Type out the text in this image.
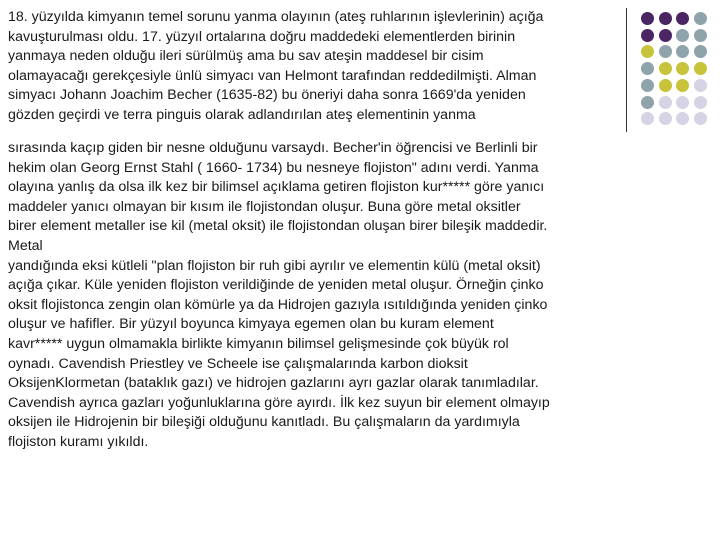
18. yüzyılda kimyanın temel sorunu yanma olayının (ateş ruhlarının işlevlerinin) açığa
kavuşturulması oldu. 17. yüzyıl ortalarına doğru maddedeki elementlerden birinin
yanmaya neden olduğu ileri sürülmüş ama bu sav ateşin maddesel bir cisim
olamayacağı gerekçesiyle ünlü simyacı van Helmont tarafından reddedilmişti. Alman
simyacı Johann Joachim Becher (1635-82) bu öneriyi daha sonra 1669'da yeniden
gözden geçirdi ve terra pinguis olarak adlandırılan ateş elementinin yanma
sırasında kaçıp giden bir nesne olduğunu varsaydı. Becher'in öğrencisi ve Berlinli bir
hekim olan Georg Ernst Stahl ( 1660- 1734) bu nesneye flojiston" adını verdi. Yanma
olayına yanlış da olsa ilk kez bir bilimsel açıklama getiren flojiston kur***** göre yanıcı
maddeler yanıcı olmayan bir kısım ile flojistondan oluşur. Buna göre metal oksitler
birer element metaller ise kil (metal oksit) ile flojistondan oluşan birer bileşik maddedir.
Metal
yandığında eksi kütleli "plan flojiston bir ruh gibi ayrılır ve elementin külü (metal oksit)
açığa çıkar. Küle yeniden flojiston verildiğinde de yeniden metal oluşur. Örneğin çinko
oksit flojistonca zengin olan kömürle ya da Hidrojen gazıyla ısıtıldığında yeniden çinko
oluşur ve hafifler. Bir yüzyıl boyunca kimyaya egemen olan bu kuram element
kavr***** uygun olmamakla birlikte kimyanın bilimsel gelişmesinde çok büyük rol
oynadı. Cavendish Priestley ve Scheele ise çalışmalarında karbon dioksit
OksijenKlormetan (bataklık gazı) ve hidrojen gazlarını ayrı gazlar olarak tanımladılar.
Cavendish ayrıca gazları yoğunluklarına göre ayırdı. İlk kez suyun bir element olmayıp
oksijen ile Hidrojenin bir bileşiği olduğunu kanıtladı. Bu çalışmaların da yardımıyla
flojiston kuramı yıkıldı.
